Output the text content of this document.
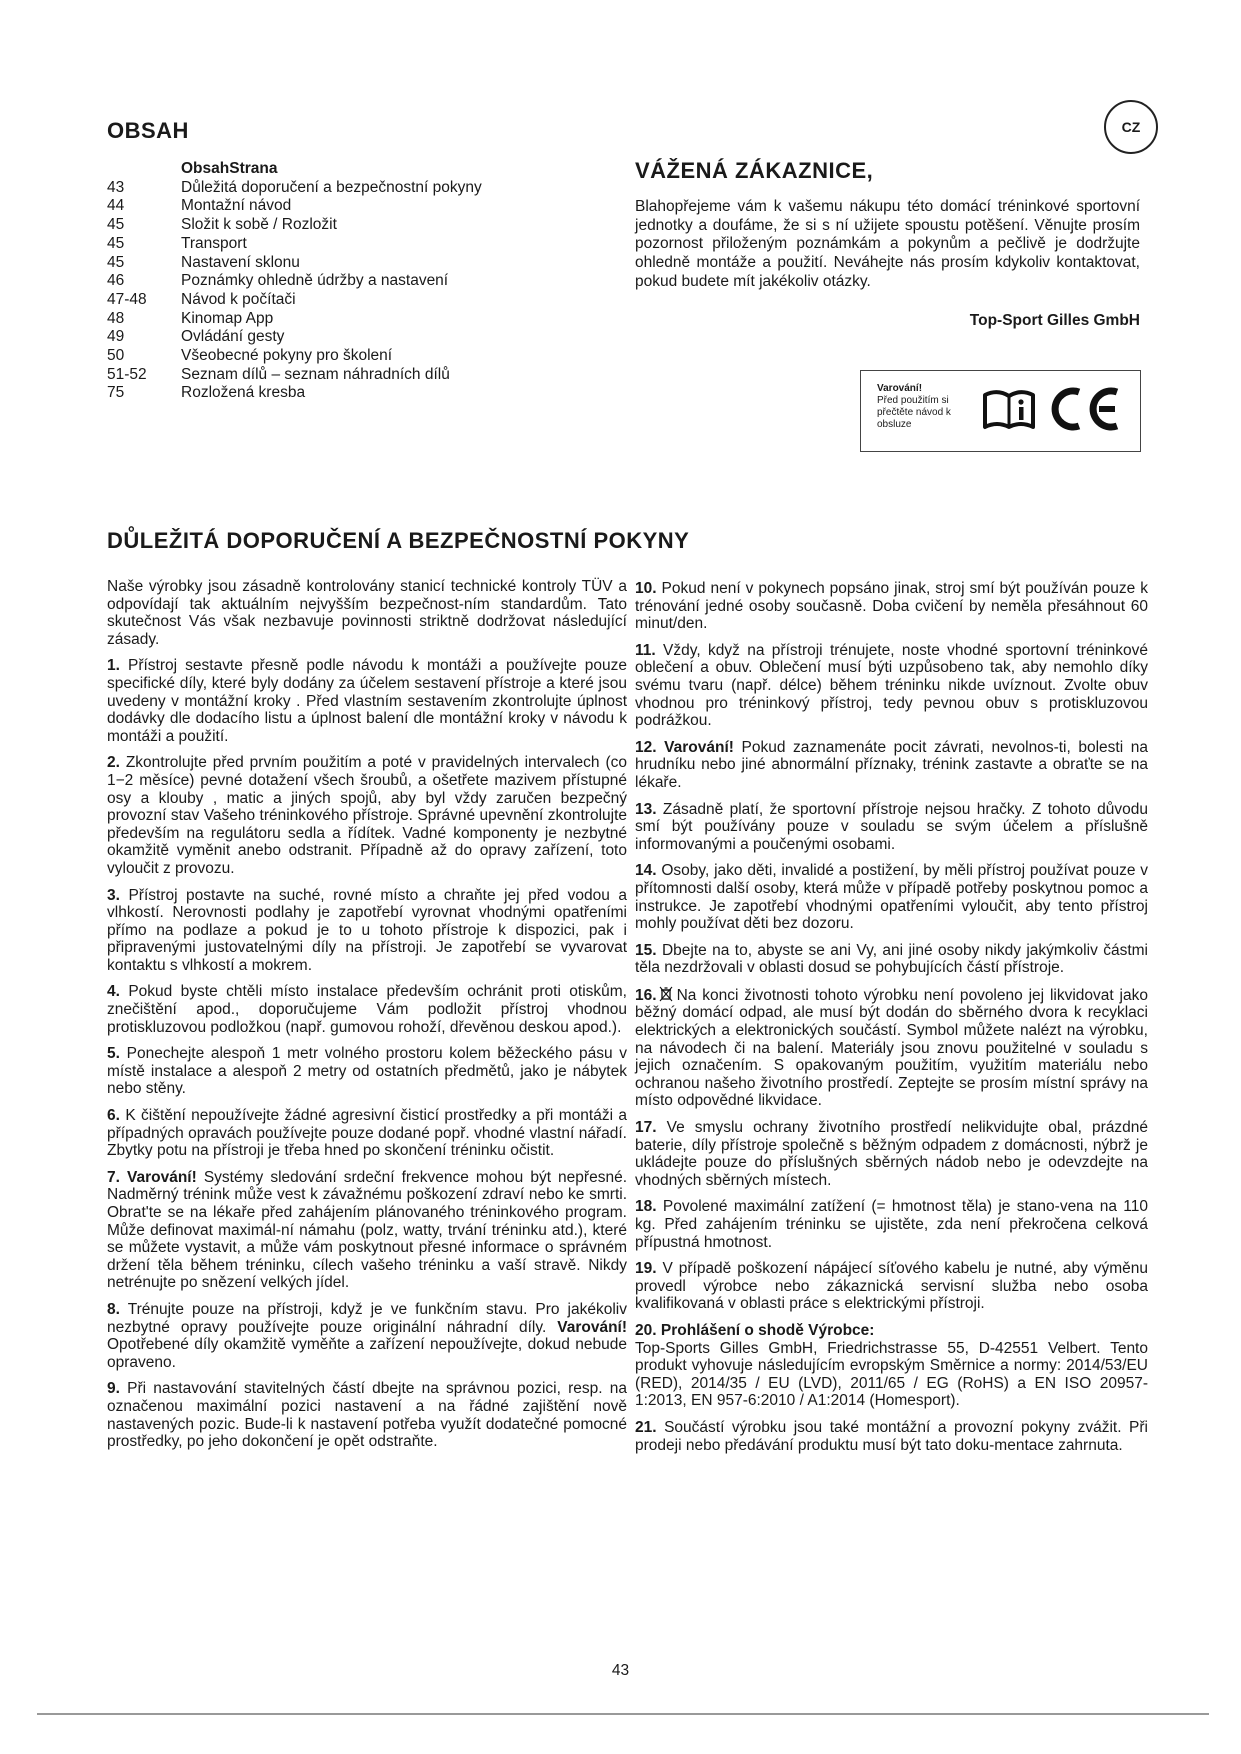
OBSAH	CZ
ObsahStrana
43	Důležitá doporučení a bezpečnostní pokyny
44	Montažní návod
45	Složit k sobě / Rozložit
45	Transport
45	Nastavení sklonu
46	Poznámky ohledně údržby a nastavení
47-48	Návod k počítači
48	Kinomap App
49	Ovládání gesty
50	Všeobecné pokyny pro školení
51-52	Seznam dílů – seznam náhradních dílů
75	Rozložená kresba
VÁŽENÁ ZÁKAZNICE,
Blahopřejeme vám k vašemu nákupu této domácí tréninkové sportovní jednotky a doufáme, že si s ní užijete spoustu potěšení. Věnujte prosím pozornost přiloženým poznámkám a pokynům a pečlivě je dodržujte ohledně montáže a použití. Neváhejte nás prosím kdykoliv kontaktovat, pokud budete mít jakékoliv otázky.
Top-Sport Gilles GmbH
Varování!
Před použitím si přečtěte návod k obsluze
DŮLEŽITÁ DOPORUČENÍ A BEZPEČNOSTNÍ POKYNY

Naše výrobky jsou zásadně kontrolovány stanicí technické kontroly TÜV a odpovídají tak aktuálním nejvyšším bezpečnost-ním standardům. Tato skutečnost Vás však nezbavuje povinnosti striktně dodržovat následující zásady.

1. Přístroj sestavte přesně podle návodu k montáži a používejte pouze specifické díly, které byly dodány za účelem sestavení přístroje a které jsou uvedeny v montážní kroky . Před vlastním sestavením zkontrolujte úplnost dodávky dle dodacího listu a úplnost balení dle montážní kroky v návodu k montáži a použití.

2. Zkontrolujte před prvním použitím a poté v pravidelných intervalech (co 1−2 měsíce) pevné dotažení všech šroubů, a ošetřete mazivem přístupné osy a klouby , matic a jiných spojů, aby byl vždy zaručen bezpečný provozní stav Vašeho tréninkového přístroje. Správné upevnění zkontrolujte především na regulátoru sedla a řídítek. Vadné komponenty je nezbytné okamžitě vyměnit anebo odstranit. Případně až do opravy zařízení, toto vyloučit z provozu.

3. Přístroj postavte na suché, rovné místo a chraňte jej před vodou a vlhkostí. Nerovnosti podlahy je zapotřebí vyrovnat vhodnými opatřeními přímo na podlaze a pokud je to u tohoto přístroje k dispozici, pak i připravenými justovatelnými díly na přístroji. Je zapotřebí se vyvarovat kontaktu s vlhkostí a mokrem.

4. Pokud byste chtěli místo instalace především ochránit proti otiskům, znečištění apod., doporučujeme Vám podložit přístroj vhodnou protiskluzovou podložkou (např. gumovou rohoží, dřevěnou deskou apod.).

5. Ponechejte alespoň 1 metr volného prostoru kolem běžeckého pásu v místě instalace a alespoň 2 metry od ostatních předmětů, jako je nábytek nebo stěny.

6. K čištění nepoužívejte žádné agresivní čisticí prostředky a při montáži a případných opravách používejte pouze dodané popř. vhodné vlastní nářadí. Zbytky potu na přístroji je třeba hned po skončení tréninku očistit.

7. Varování! Systémy sledování srdeční frekvence mohou být nepřesné. Nadměrný trénink může vest k závažnému poškození zdraví nebo ke smrti. Obrat'te se na lékaře před zahájením plánovaného tréninkového program. Může definovat maximál-ní námahu (polz, watty, trvání tréninku atd.), které se můžete vystavit, a může vám poskytnout přesné informace o správném držení těla během tréninku, cílech vašeho tréninku a vaší stravě. Nikdy netrénujte po snězení velkých jídel.

8. Trénujte pouze na přístroji, když je ve funkčním stavu. Pro jakékoliv nezbytné opravy používejte pouze originální náhradní díly. Varování! Opotřebené díly okamžitě vyměňte a zařízení nepoužívejte, dokud nebude opraveno.

9. Při nastavování stavitelných částí dbejte na správnou pozici, resp. na označenou maximální pozici nastavení a na řádné zajištění nově nastavených pozic. Bude-li k nastavení potřeba využít dodatečné pomocné prostředky, po jeho dokončení je opět odstraňte.

10. Pokud není v pokynech popsáno jinak, stroj smí být používán pouze k trénování jedné osoby současně. Doba cvičení by neměla přesáhnout 60 minut/den.

11. Vždy, když na přístroji trénujete, noste vhodné sportovní tréninkové oblečení a obuv. Oblečení musí býti uzpůsobeno tak, aby nemohlo díky svému tvaru (např. délce) během tréninku nikde uvíznout. Zvolte obuv vhodnou pro tréninkový přístroj, tedy pevnou obuv s protiskluzovou podrážkou.

12. Varování! Pokud zaznamenáte pocit závrati, nevolnos-ti, bolesti na hrudníku nebo jiné abnormální příznaky, trénink zastavte a obraťte se na lékaře.

13. Zásadně platí, že sportovní přístroje nejsou hračky. Z tohoto důvodu smí být používány pouze v souladu se svým účelem a příslušně informovanými a poučenými osobami.

14. Osoby, jako děti, invalidé a postižení, by měli přístroj používat pouze v přítomnosti další osoby, která může v případě potřeby poskytnou pomoc a instrukce. Je zapotřebí vhodnými opatřeními vyloučit, aby tento přístroj mohly používat děti bez dozoru.

15. Dbejte na to, abyste se ani Vy, ani jiné osoby nikdy jakýmkoliv částmi těla nezdržovali v oblasti dosud se pohybujících částí přístroje.

16. Na konci životnosti tohoto výrobku není povoleno jej likvidovat jako běžný domácí odpad, ale musí být dodán do sběrného dvora k recyklaci elektrických a elektronických součástí. Symbol můžete nalézt na výrobku, na návodech či na balení. Materiály jsou znovu použitelné v souladu s jejich označením. S opakovaným použitím, využitím materiálu nebo ochranou našeho životního prostředí. Zeptejte se prosím místní správy na místo odpovědné likvidace.

17. Ve smyslu ochrany životního prostředí nelikvidujte obal, prázdné baterie, díly přístroje společně s běžným odpadem z domácnosti, nýbrž je ukládejte pouze do příslušných sběrných nádob nebo je odevzdejte na vhodných sběrných místech.

18. Povolené maximální zatížení (= hmotnost těla) je stano-vena na 110 kg. Před zahájením tréninku se ujistěte, zda není překročena celková přípustná hmotnost.

19. V případě poškození nápájecí síťového kabelu je nutné, aby výměnu provedl výrobce nebo zákaznická servisní služba nebo osoba kvalifikovaná v oblasti práce s elektrickými přístroji.

20. Prohlášení o shodě Výrobce:
Top-Sports Gilles GmbH, Friedrichstrasse 55, D-42551 Velbert. Tento produkt vyhovuje následujícím evropským Směrnice a normy: 2014/53/EU (RED), 2014/35 / EU (LVD), 2011/65 / EG (RoHS) a EN ISO 20957-1:2013, EN 957-6:2010 / A1:2014 (Homesport).

21. Součástí výrobku jsou také montážní a provozní pokyny zvážit. Při prodeji nebo předávání produktu musí být tato doku-mentace zahrnuta.

43
